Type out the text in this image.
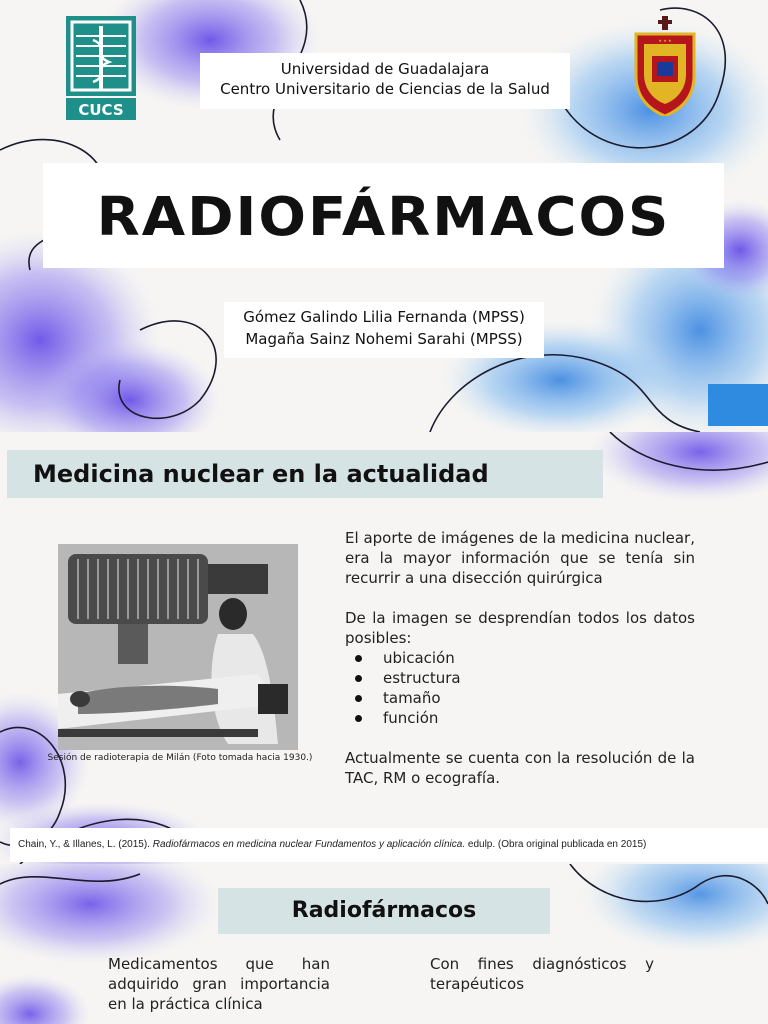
CUCS
★ ★ ★
Universidad de Guadalajara
Centro Universitario de Ciencias de la Salud
RADIOFÁRMACOS
Gómez Galindo Lilia Fernanda (MPSS)
Magaña Sainz Nohemi Sarahi (MPSS)
Medicina nuclear en la actualidad
Sesión de radioterapia de Milán (Foto tomada hacia 1930.)

El aporte de imágenes de la medicina nuclear, era la mayor información que se tenía sin recurrir a una disección quirúrgica

De la imagen se desprendían todos los datos posibles:

ubicación
estructura
tamaño
función

Actualmente se cuenta con la resolución de la TAC, RM o ecografía.

Chain, Y., & Illanes, L. (2015). Radiofármacos en medicina nuclear Fundamentos y aplicación clínica. edulp. (Obra original publicada en 2015)
Radiofármacos
Medicamentos que han adquirido gran importancia en la práctica clínica
Con fines diagnósticos y terapéuticos
